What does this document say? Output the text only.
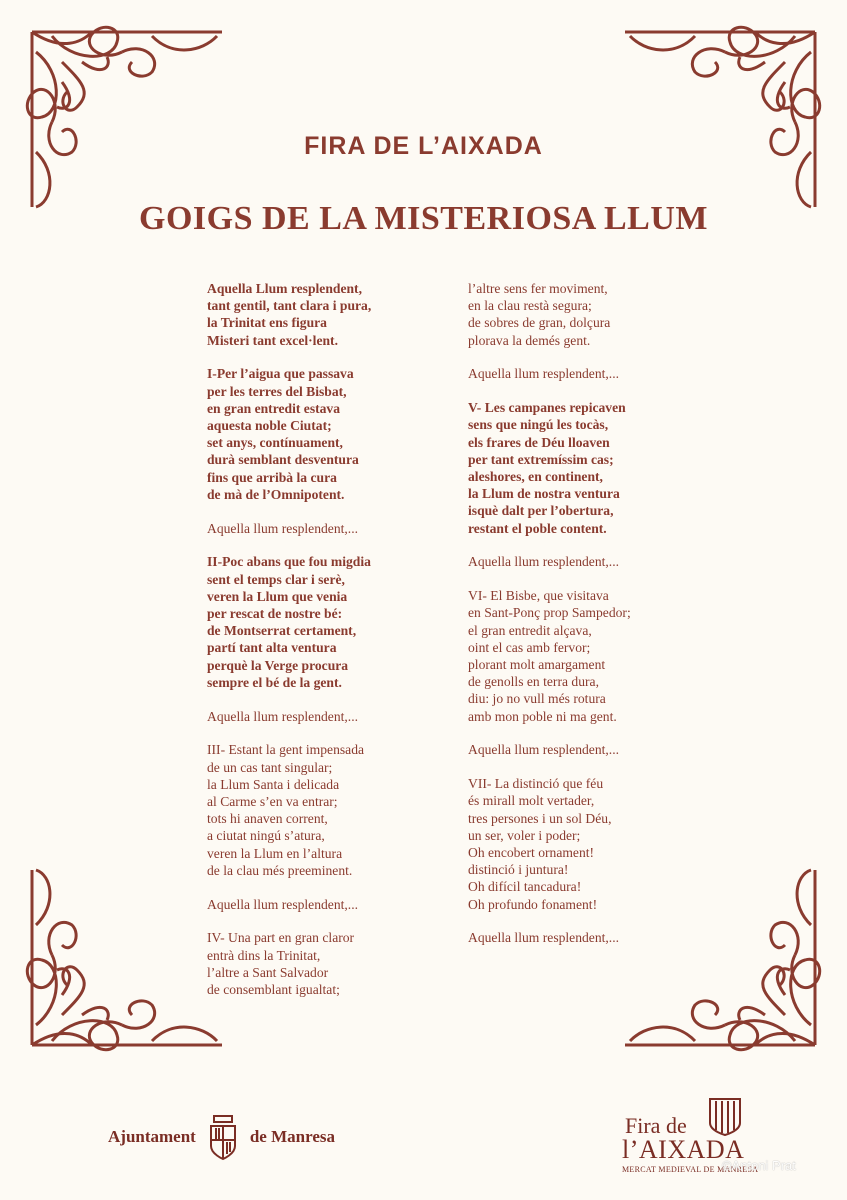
FIRA DE L’AIXADA
GOIGS DE LA MISTERIOSA LLUM
Aquella Llum resplendent,
tant gentil, tant clara i pura,
la Trinitat ens figura
Misteri tant excel·lent.
I-Per l’aigua que passava
per les terres del Bisbat,
en gran entredit estava
aquesta noble Ciutat;
set anys, contínuament,
durà semblant desventura
fins que arribà la cura
de mà de l’Omnipotent.
Aquella llum resplendent,...
II-Poc abans que fou migdia
sent el temps clar i serè,
veren la Llum que venia
per rescat de nostre bé:
de Montserrat certament,
partí tant alta ventura
perquè la Verge procura
sempre el bé de la gent.
Aquella llum resplendent,...
III- Estant la gent impensada
de un cas tant singular;
la Llum Santa i delicada
al Carme s’en va entrar;
tots hi anaven corrent,
a ciutat ningú s’atura,
veren la Llum en l’altura
de la clau més preeminent.
Aquella llum resplendent,...
IV- Una part en gran claror
entrà dins la Trinitat,
l’altre a Sant Salvador
de consemblant igualtat;
l’altre sens fer moviment,
en la clau restà segura;
de sobres de gran, dolçura
plorava la demés gent.
Aquella llum resplendent,...
V- Les campanes repicaven
sens que ningú les tocàs,
els frares de Déu lloaven
per tant extremíssim cas;
aleshores, en continent,
la Llum de nostra ventura
isquè dalt per l’obertura,
restant el poble content.
Aquella llum resplendent,...
VI- El Bisbe, que visitava
en Sant-Ponç prop Sampedor;
el gran entredit alçava,
oint el cas amb fervor;
plorant molt amargament
de genolls en terra dura,
diu: jo no vull més rotura
amb mon poble ni ma gent.
Aquella llum resplendent,...
VII- La distinció que féu
és mirall molt vertader,
tres persones i un sol Déu,
un ser, voler i poder;
Oh encobert ornament!
distinció i juntura!
Oh difícil tancadura!
Oh profundo fonament!
Aquella llum resplendent,...
Ajuntament	de Manresa	Fira de
l’AIXADA
MERCAT MEDIEVAL DE MANRESA
©Antoni Prat
